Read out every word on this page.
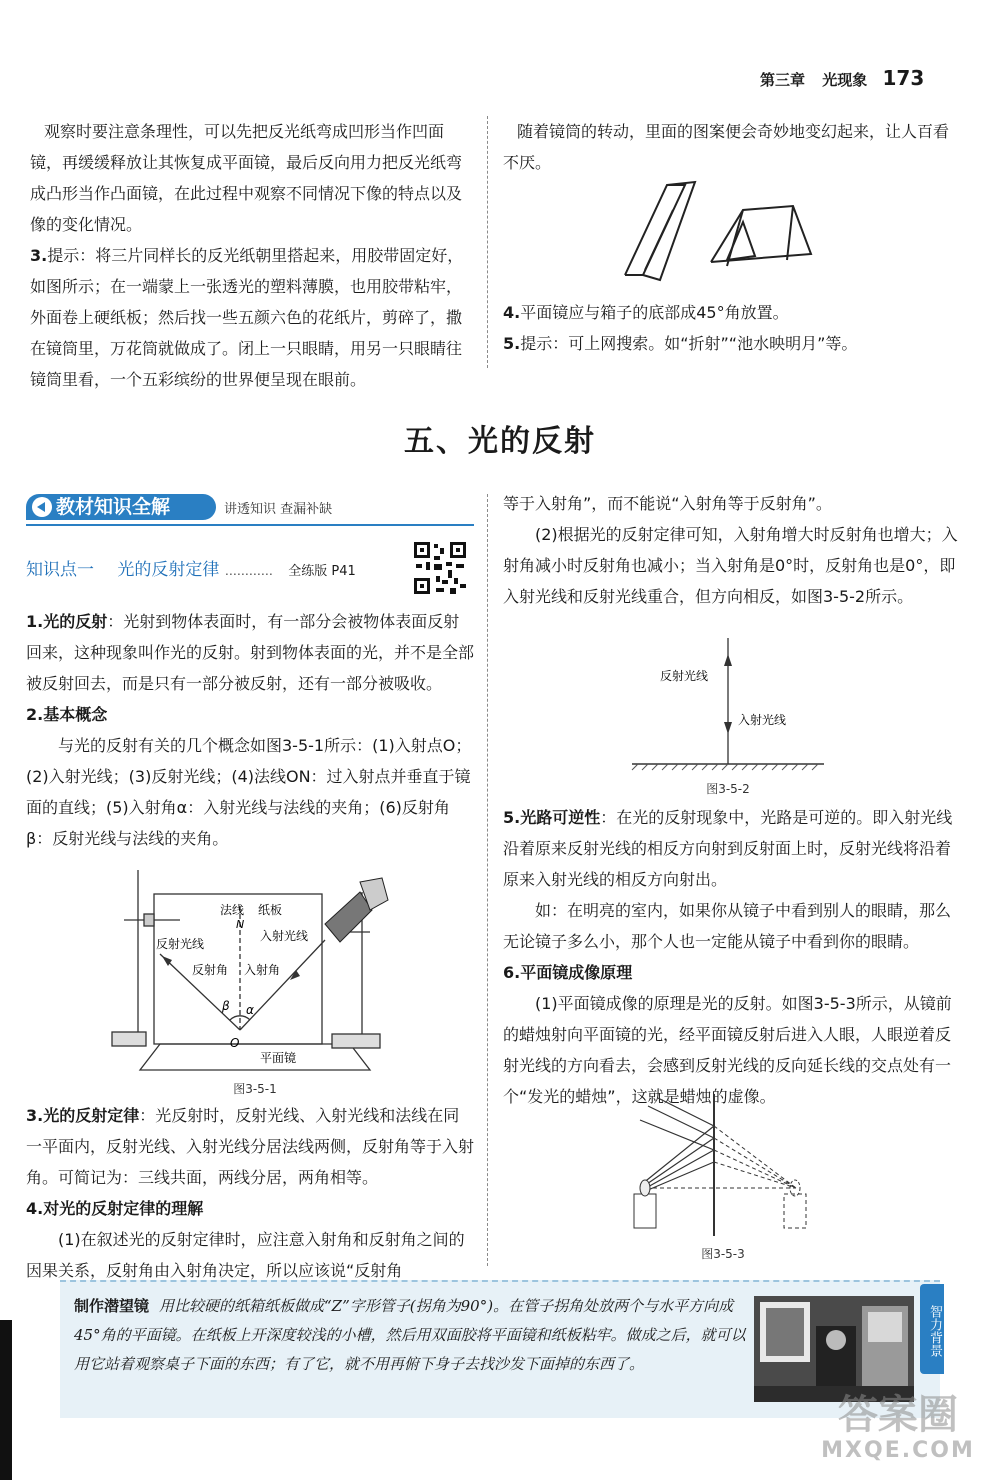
第三章 光现象 173

观察时要注意条理性，可以先把反光纸弯成凹形当作凹面镜，再缓缓释放让其恢复成平面镜，最后反向用力把反光纸弯成凸形当作凸面镜，在此过程中观察不同情况下像的特点以及像的变化情况。

3.提示：将三片同样长的反光纸朝里搭起来，用胶带固定好，如图所示；在一端蒙上一张透光的塑料薄膜，也用胶带粘牢，外面卷上硬纸板；然后找一些五颜六色的花纸片，剪碎了，撒在镜筒里，万花筒就做成了。闭上一只眼睛，用另一只眼睛往镜筒里看，一个五彩缤纷的世界便呈现在眼前。

随着镜筒的转动，里面的图案便会奇妙地变幻起来，让人百看不厌。

4.平面镜应与箱子的底部成45°角放置。

5.提示：可上网搜索。如“折射”“池水映明月”等。

五、光的反射
教材知识全解	讲透知识 查漏补缺
知识点一 光的反射定律 ………… 全练版 P41

1.光的反射：光射到物体表面时，有一部分会被物体表面反射回来，这种现象叫作光的反射。射到物体表面的光，并不是全部被反射回去，而是只有一部分被反射，还有一部分被吸收。

2.基本概念

与光的反射有关的几个概念如图3-5-1所示：(1)入射点O；(2)入射光线；(3)反射光线；(4)法线ON：过入射点并垂直于镜面的直线；(5)入射角α：入射光线与法线的夹角；(6)反射角β：反射光线与法线的夹角。

法线 纸板
N
反射光线
入射光线
反射角 入射角
β α
O
平面镜
图3-5-1

3.光的反射定律：光反射时，反射光线、入射光线和法线在同一平面内，反射光线、入射光线分居法线两侧，反射角等于入射角。可简记为：三线共面，两线分居，两角相等。

4.对光的反射定律的理解

(1)在叙述光的反射定律时，应注意入射角和反射角之间的因果关系，反射角由入射角决定，所以应该说“反射角

等于入射角”，而不能说“入射角等于反射角”。

(2)根据光的反射定律可知，入射角增大时反射角也增大；入射角减小时反射角也减小；当入射角是0°时，反射角也是0°，即入射光线和反射光线重合，但方向相反，如图3-5-2所示。

反射光线
入射光线
图3-5-2

5.光路可逆性：在光的反射现象中，光路是可逆的。即入射光线沿着原来反射光线的相反方向射到反射面上时，反射光线将沿着原来入射光线的相反方向射出。

如：在明亮的室内，如果你从镜子中看到别人的眼睛，那么无论镜子多么小，那个人也一定能从镜子中看到你的眼睛。

6.平面镜成像原理

(1)平面镜成像的原理是光的反射。如图3-5-3所示，从镜前的蜡烛射向平面镜的光，经平面镜反射后进入人眼，人眼逆着反射光线的方向看去，会感到反射光线的反向延长线的交点处有一个“发光的蜡烛”，这就是蜡烛的虚像。

图3-5-3
制作潜望镜 用比较硬的纸箱纸板做成“Z”字形管子(拐角为90°)。在管子拐角处放两个与水平方向成45°角的平面镜。在纸板上开深度较浅的小槽，然后用双面胶将平面镜和纸板粘牢。做成之后，就可以用它站着观察桌子下面的东西；有了它，就不用再俯下身子去找沙发下面掉的东西了。
智力背景
答案圈
MXQE.COM
